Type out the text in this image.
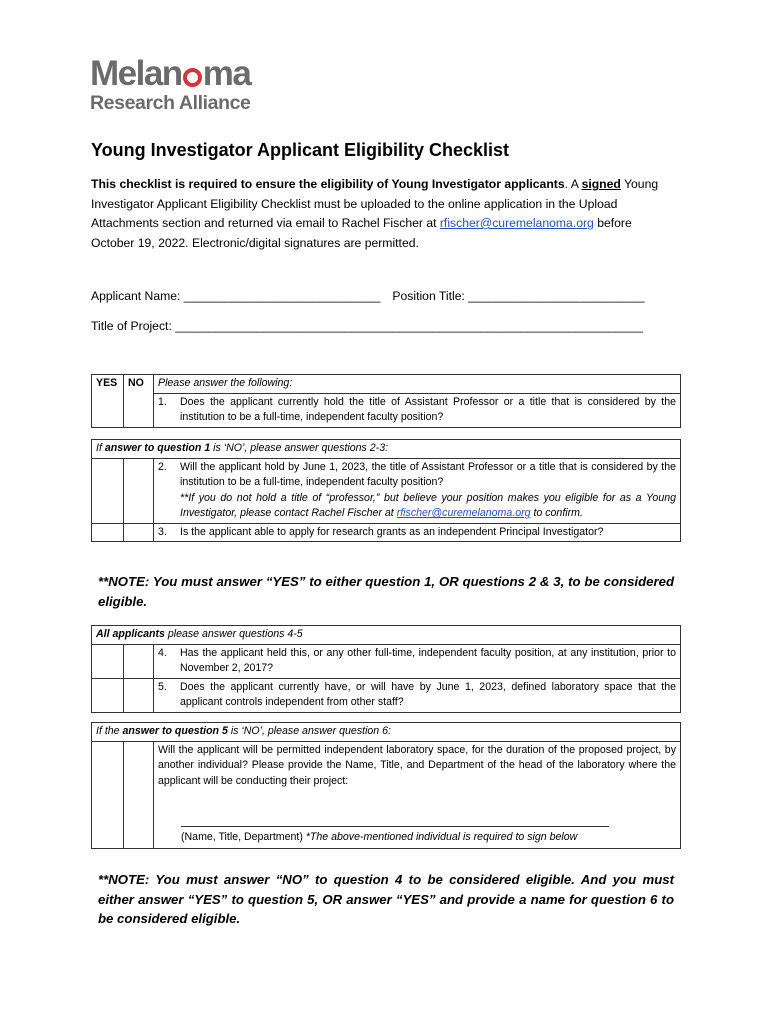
Melan ma
Research Alliance
Young Investigator Applicant Eligibility Checklist
This checklist is required to ensure the eligibility of Young Investigator applicants. A signed Young Investigator Applicant Eligibility Checklist must be uploaded to the online application in the Upload Attachments section and returned via email to Rachel Fischer at rfischer@curemelanoma.org before October 19, 2022. Electronic/digital signatures are permitted.
Applicant Name: _____________________________ Position Title: __________________________
Title of Project: _____________________________________________________________________
YES	NO	Please answer the following:

1.	Does the applicant currently hold the title of Assistant Professor or a title that is considered by the institution to be a full-time, independent faculty position?
If answer to question 1 is ‘NO’, please answer questions 2-3:		

		2. Will the applicant hold by June 1, 2023, the title of Assistant Professor or a title that is considered by the institution to be a full-time, independent faculty position?
**If you do not hold a title of “professor,” but believe your position makes you eligible for as a Young Investigator, please contact Rachel Fischer at rfischer@curemelanoma.org to confirm.

		3. Is the applicant able to apply for research grants as an independent Principal Investigator?
**NOTE: You must answer “YES” to either question 1, OR questions 2 & 3, to be considered eligible.
All applicants please answer questions 4-5		

		4. Has the applicant held this, or any other full-time, independent faculty position, at any institution, prior to November 2, 2017?

		5. Does the applicant currently have, or will have by June 1, 2023, defined laboratory space that the applicant controls independent from other staff?
If the answer to question 5 is ‘NO’, please answer question 6:

Will the applicant will be permitted independent laboratory space, for the duration of the proposed project, by another individual? Please provide the Name, Title, and Department of the head of the laboratory where the applicant will be conducting their project:
(Name, Title, Department) *The above-mentioned individual is required to sign below
**NOTE: You must answer “NO” to question 4 to be considered eligible. And you must either answer “YES” to question 5, OR answer “YES” and provide a name for question 6 to be considered eligible.
